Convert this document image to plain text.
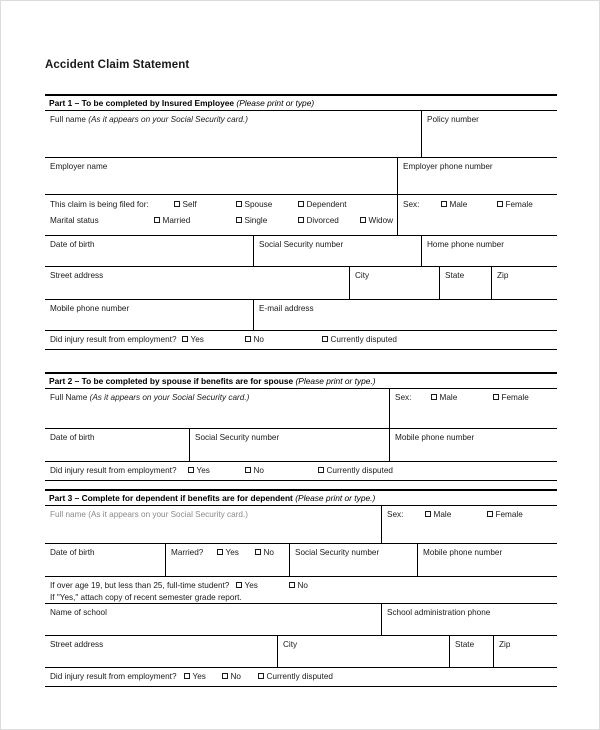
Accident Claim Statement
Part 1 – To be completed by Insured Employee (Please print or type)
Full name (As it appears on your Social Security card.)	Policy number
Employer name	Employer phone number
This claim is being filed for:	Self	Spouse	Dependent
Marital status	Married	Single	Divorced	Widow
Sex:	Male	Female
Date of birth	Social Security number	Home phone number
Street address	City	State	Zip
Mobile phone number	E-mail address
Did injury result from employment?	Yes	No	Currently disputed
Part 2 – To be completed by spouse if benefits are for spouse (Please print or type.)
Full Name (As it appears on your Social Security card.)	Sex:	Male	Female
Date of birth	Social Security number	Mobile phone number
Did injury result from employment?	Yes	No	Currently disputed
Part 3 – Complete for dependent if benefits are for dependent (Please print or type.)
Full name (As it appears on your Social Security card.)	Sex:	Male	Female
Date of birth	Married?	Yes	No	Social Security number	Mobile phone number
If over age 19, but less than 25, full-time student?	Yes	No
If "Yes," attach copy of recent semester grade report.
Name of school	School administration phone
Street address	City	State	Zip
Did injury result from employment?	Yes	No	Currently disputed
